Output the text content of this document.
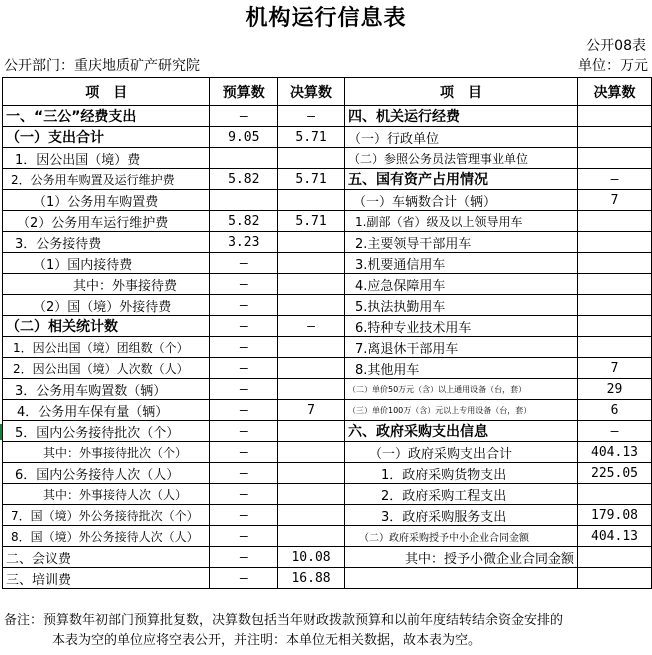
机构运行信息表
公开08表
公开部门：重庆地质矿产研究院	单位：万元
项　目	预算数	决算数	项　目	决算数
一、“三公”经费支出	—	—	四、机关运行经费	
（一）支出合计	9.05	5.71	（一）行政单位	
1．因公出国（境）费			（二）参照公务员法管理事业单位	
2．公务用车购置及运行维护费	5.82	5.71	五、国有资产占用情况	—
（1）公务用车购置费			（一）车辆数合计（辆）	7
（2）公务用车运行维护费	5.82	5.71	1.副部（省）级及以上领导用车	
3．公务接待费	3.23		2.主要领导干部用车	
（1）国内接待费	—		3.机要通信用车	
其中：外事接待费	—		4.应急保障用车	
（2）国（境）外接待费	—		5.执法执勤用车	
（二）相关统计数	—	—	6.特种专业技术用车	
1．因公出国（境）团组数（个）	—		7.离退休干部用车	
2．因公出国（境）人次数（人）	—		8.其他用车	7
3．公务用车购置数（辆）	—		（二）单价50万元（含）以上通用设备（台，套）	29
4．公务用车保有量（辆）	—	7	（三）单价100万（含）元以上专用设备（台，套）	6
5．国内公务接待批次（个）	—		六、政府采购支出信息	—
其中：外事接待批次（个）	—		（一）政府采购支出合计	404.13
6．国内公务接待人次（人）	—		1．政府采购货物支出	225.05
其中：外事接待人次（人）	—		2．政府采购工程支出	
7．国（境）外公务接待批次（个）	—		3．政府采购服务支出	179.08
8．国（境）外公务接待人次（人）	—		（二）政府采购授予中小企业合同金额	404.13
二、会议费	—	10.08	其中：授予小微企业合同金额	
三、培训费	—	16.88		
备注：预算数年初部门预算批复数，决算数包括当年财政拨款预算和以前年度结转结余资金安排的
本表为空的单位应将空表公开，并注明：本单位无相关数据，故本表为空。
